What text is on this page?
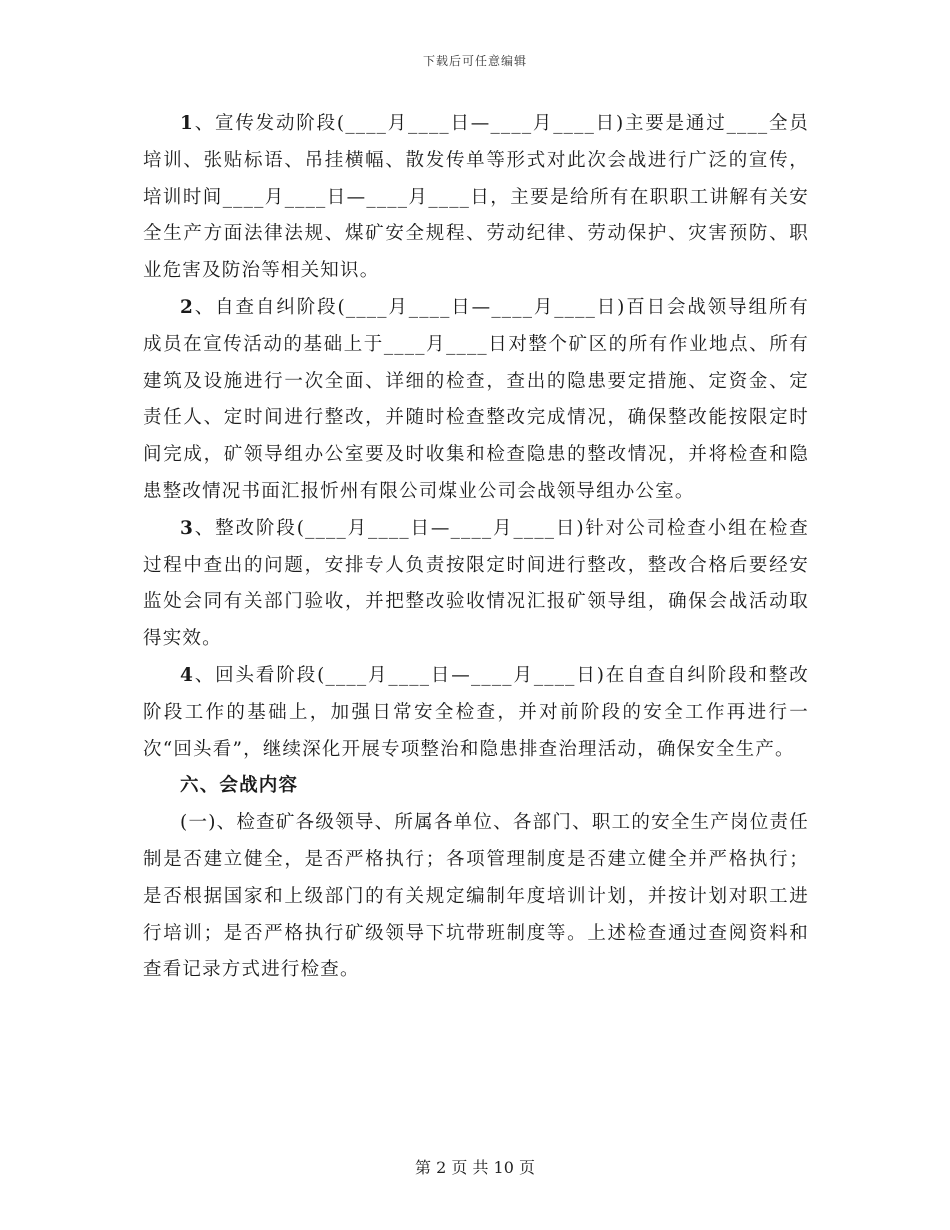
下载后可任意编辑

1、宣传发动阶段(____月____日—____月____日)主要是通过____全员培训、张贴标语、吊挂横幅、散发传单等形式对此次会战进行广泛的宣传，培训时间____月____日—____月____日，主要是给所有在职职工讲解有关安全生产方面法律法规、煤矿安全规程、劳动纪律、劳动保护、灾害预防、职业危害及防治等相关知识。

2、自查自纠阶段(____月____日—____月____日)百日会战领导组所有成员在宣传活动的基础上于____月____日对整个矿区的所有作业地点、所有建筑及设施进行一次全面、详细的检查，查出的隐患要定措施、定资金、定责任人、定时间进行整改，并随时检查整改完成情况，确保整改能按限定时间完成，矿领导组办公室要及时收集和检查隐患的整改情况，并将检查和隐患整改情况书面汇报忻州有限公司煤业公司会战领导组办公室。

3、整改阶段(____月____日—____月____日)针对公司检查小组在检查过程中查出的问题，安排专人负责按限定时间进行整改，整改合格后要经安监处会同有关部门验收，并把整改验收情况汇报矿领导组，确保会战活动取得实效。

4、回头看阶段(____月____日—____月____日)在自查自纠阶段和整改阶段工作的基础上，加强日常安全检查，并对前阶段的安全工作再进行一次“回头看”，继续深化开展专项整治和隐患排查治理活动，确保安全生产。

六、会战内容

(一)、检查矿各级领导、所属各单位、各部门、职工的安全生产岗位责任制是否建立健全，是否严格执行；各项管理制度是否建立健全并严格执行；是否根据国家和上级部门的有关规定编制年度培训计划，并按计划对职工进行培训；是否严格执行矿级领导下坑带班制度等。上述检查通过查阅资料和查看记录方式进行检查。

第 2 页 共 10 页
